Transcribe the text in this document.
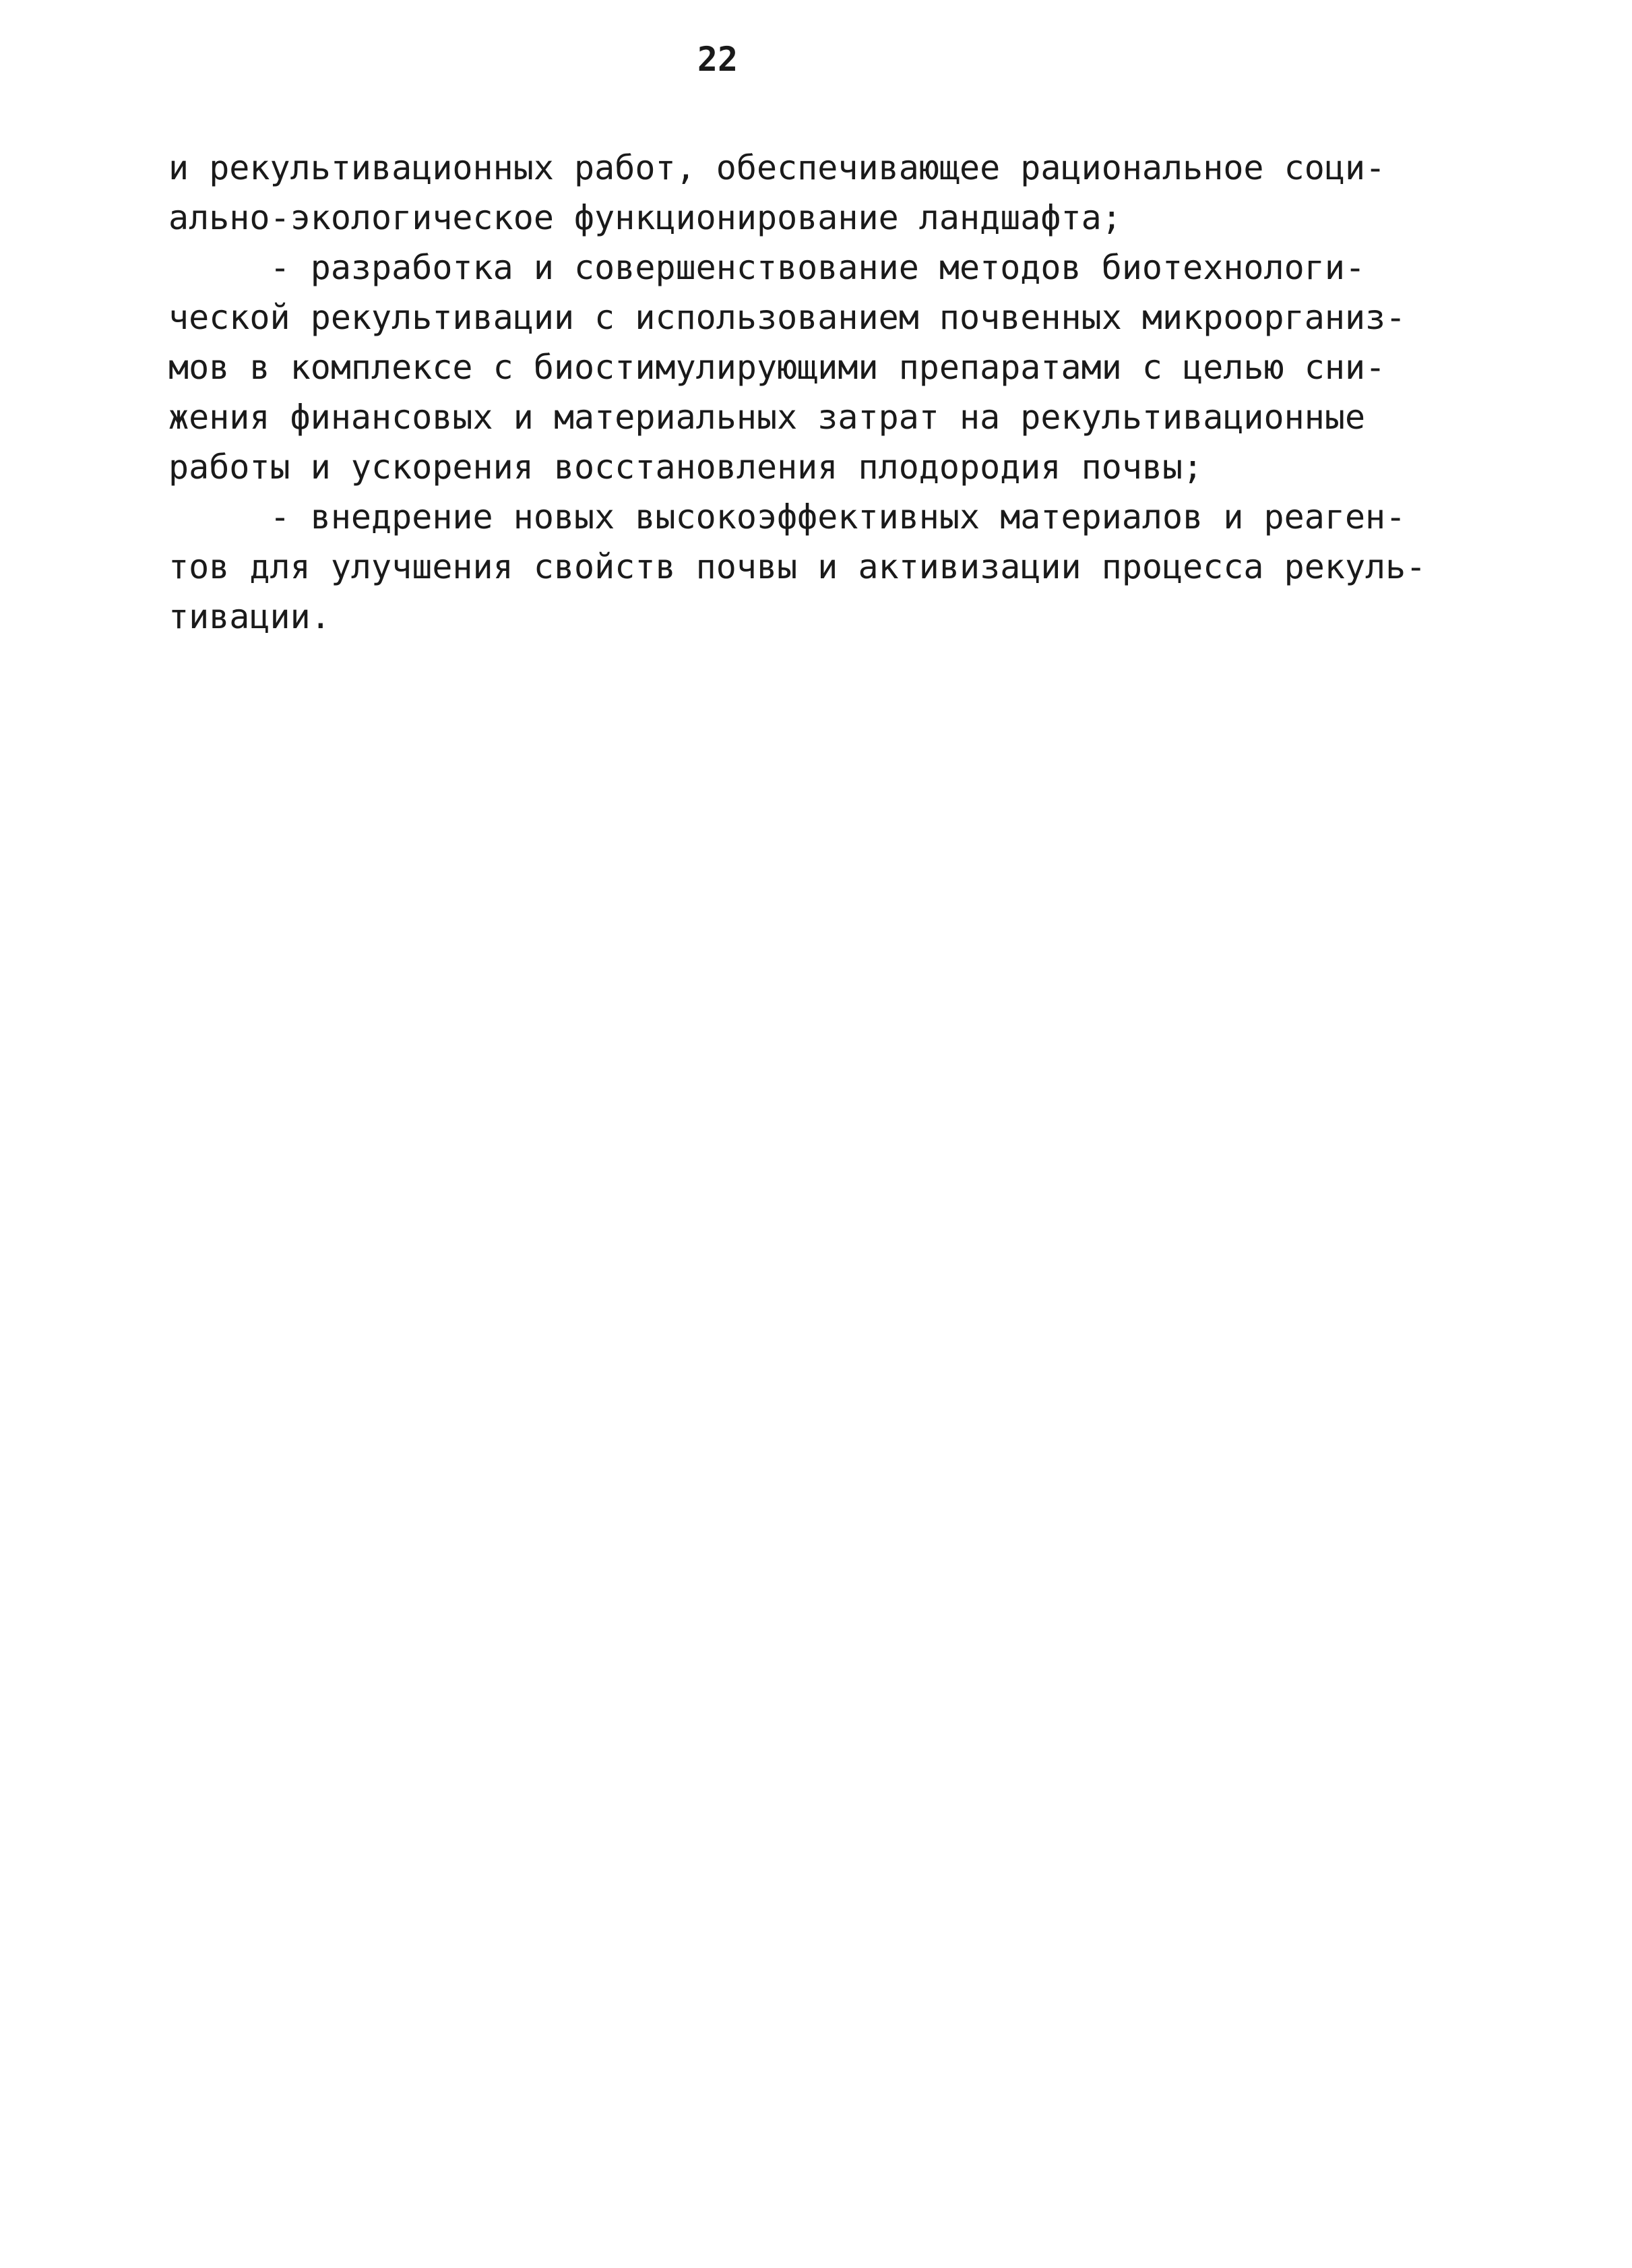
22
и рекультивационных работ, обеспечивающее рациональное соци-
ально-экологическое функционирование ландшафта;
- разработка и совершенствование методов биотехнологи-
ческой рекультивации с использованием почвенных микроорганиз-
мов в комплексе с биостимулирующими препаратами с целью сни-
жения финансовых и материальных затрат на рекультивационные
работы и ускорения восстановления плодородия почвы;
- внедрение новых высокоэффективных материалов и реаген-
тов для улучшения свойств почвы и активизации процесса рекуль-
тивации.
